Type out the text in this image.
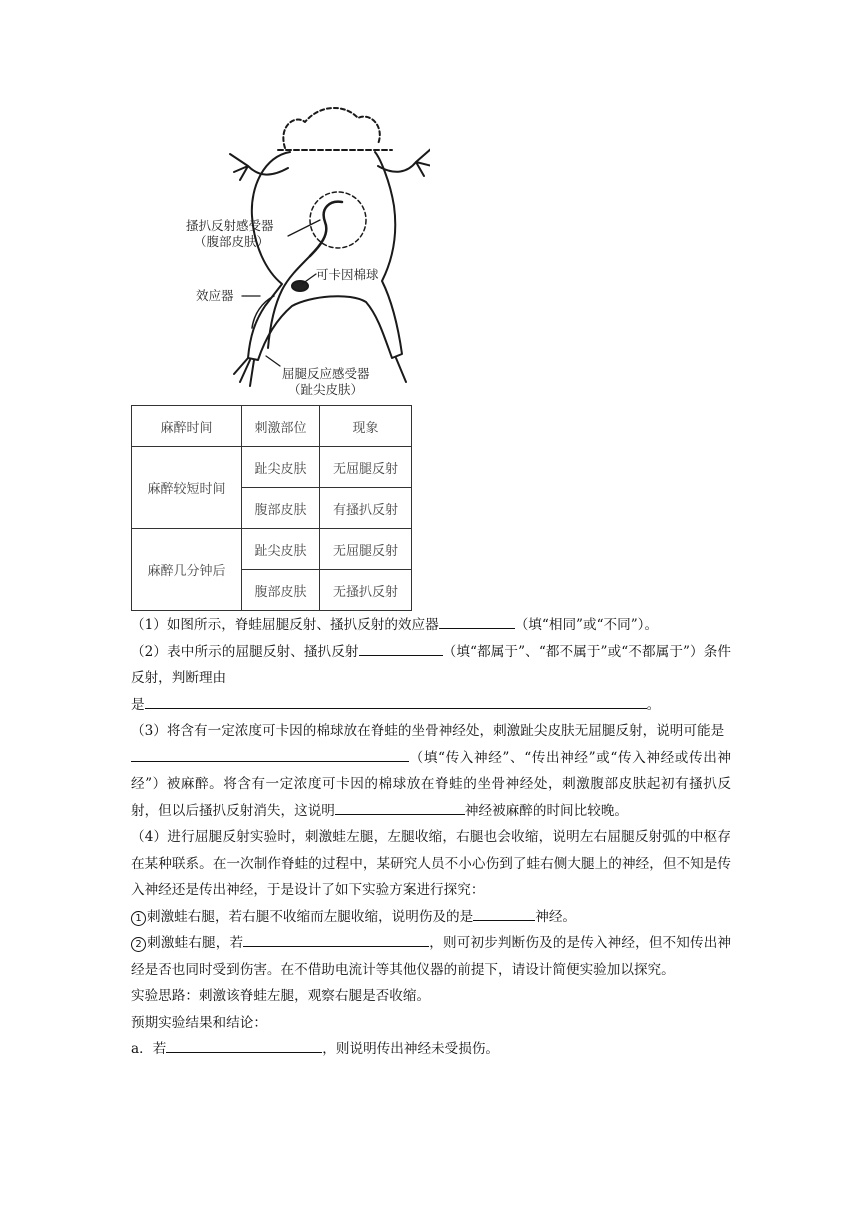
搔扒反射感受器
（腹部皮肤）
可卡因棉球
效应器
屈腿反应感受器
（趾尖皮肤）
麻醉时间	刺激部位	现象
麻醉较短时间	趾尖皮肤	无屈腿反射
	腹部皮肤	有搔扒反射
麻醉几分钟后	趾尖皮肤	无屈腿反射
	腹部皮肤	无搔扒反射

（1）如图所示，脊蛙屈腿反射、搔扒反射的效应器	（填“相同”或“不同”）。

（2）表中所示的屈腿反射、搔扒反射	（填“都属于”、“都不属于”或“不都属于”）条件反射，判断理由

是	。

（3）将含有一定浓度可卡因的棉球放在脊蛙的坐骨神经处，刺激趾尖皮肤无屈腿反射，说明可能是
（填“传入神经”、“传出神经”或“传入神经或传出神经”）被麻醉。将含有一定浓度可卡因的棉球放在脊蛙的坐骨神经处，刺激腹部皮肤起初有搔扒反射，但以后搔扒反射消失，这说明	神经被麻醉的时间比较晚。

（4）进行屈腿反射实验时，刺激蛙左腿，左腿收缩，右腿也会收缩，说明左右屈腿反射弧的中枢存在某种联系。在一次制作脊蛙的过程中，某研究人员不小心伤到了蛙右侧大腿上的神经，但不知是传入神经还是传出神经，于是设计了如下实验方案进行探究：

1 刺激蛙右腿，若右腿不收缩而左腿收缩，说明伤及的是	神经。

2 刺激蛙右腿，若	，则可初步判断伤及的是传入神经，但不知传出神经是否也同时受到伤害。在不借助电流计等其他仪器的前提下，请设计简便实验加以探究。

实验思路：刺激该脊蛙左腿，观察右腿是否收缩。

预期实验结果和结论：

a．若	，则说明传出神经未受损伤。
